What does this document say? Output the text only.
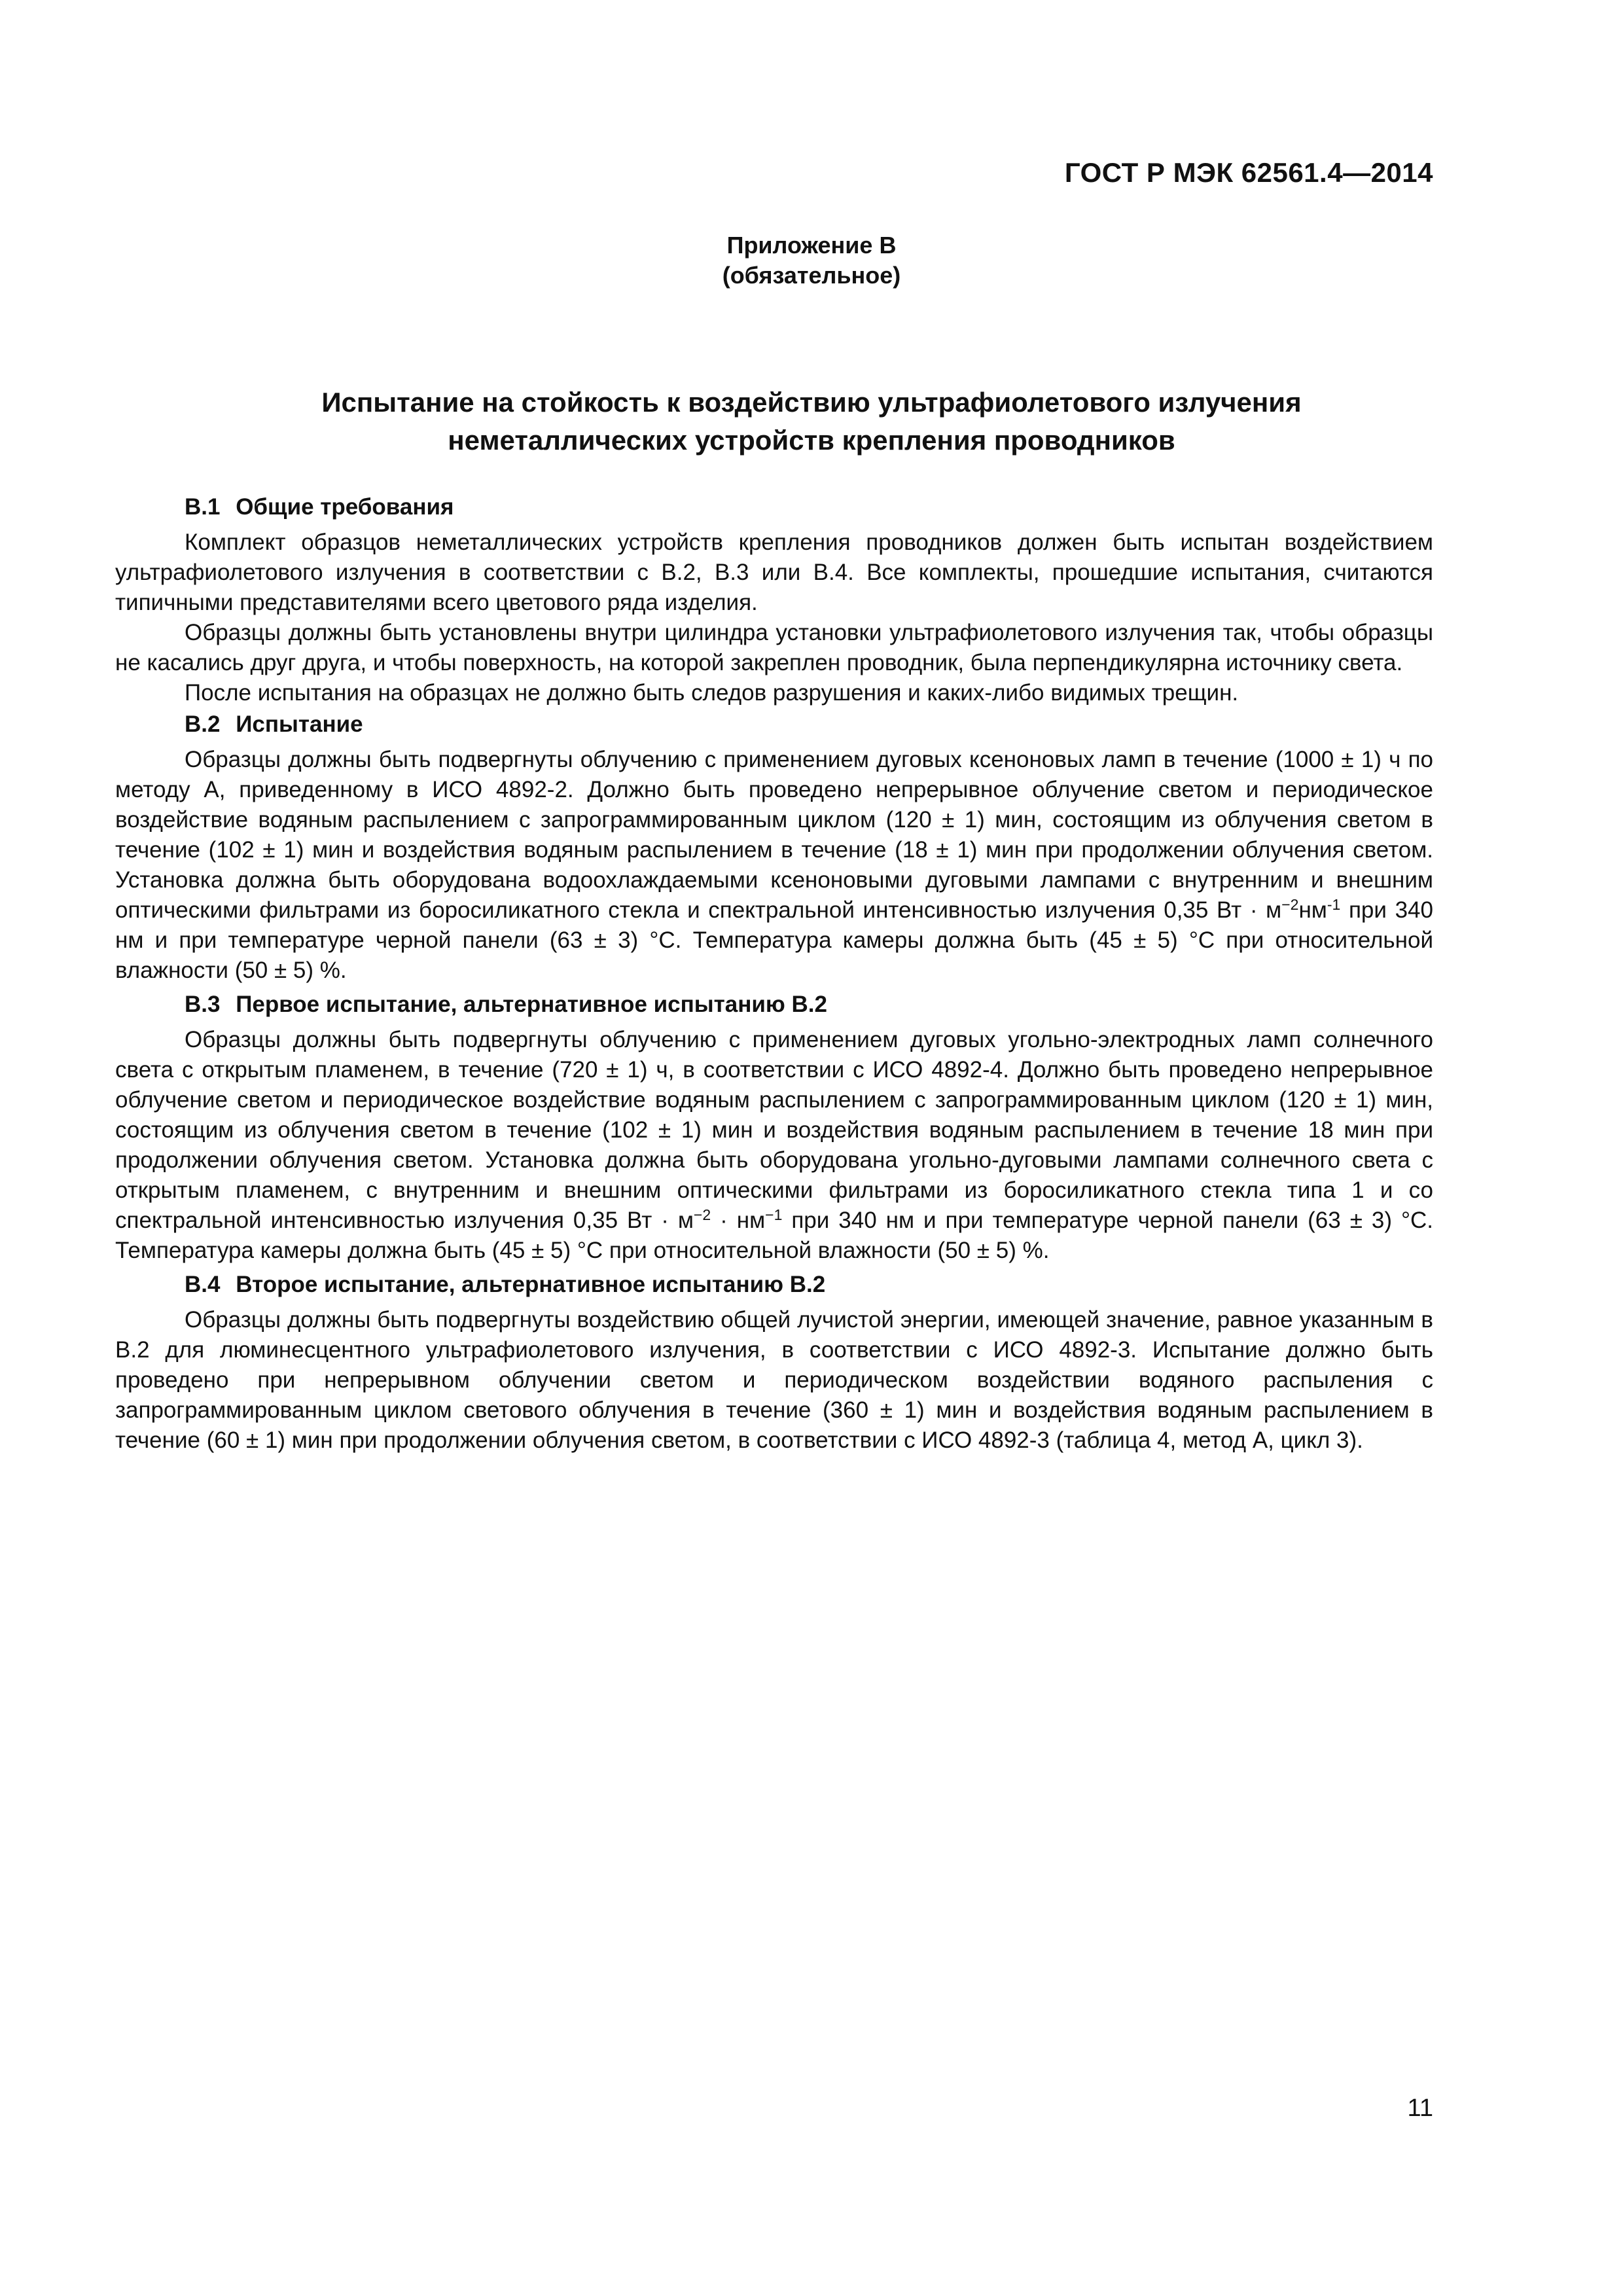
ГОСТ Р МЭК 62561.4—2014
Приложение В
(обязательное)
Испытание на стойкость к воздействию ультрафиолетового излучения
неметаллических устройств крепления проводников
В.1 Общие требования

Комплект образцов неметаллических устройств крепления проводников должен быть испытан воздействием ультрафиолетового излучения в соответствии с В.2, В.3 или В.4. Все комплекты, прошедшие испытания, считаются типичными представителями всего цветового ряда изделия.

Образцы должны быть установлены внутри цилиндра установки ультрафиолетового излучения так, чтобы образцы не касались друг друга, и чтобы поверхность, на которой закреплен проводник, была перпендикулярна источнику света.

После испытания на образцах не должно быть следов разрушения и каких-либо видимых трещин.

В.2 Испытание

Образцы должны быть подвергнуты облучению с применением дуговых ксеноновых ламп в течение (1000 ± 1) ч по методу А, приведенному в ИСО 4892-2. Должно быть проведено непрерывное облучение светом и периодическое воздействие водяным распылением с запрограммированным циклом (120 ± 1) мин, состоящим из облучения светом в течение (102 ± 1) мин и воздействия водяным распылением в течение (18 ± 1) мин при продолжении облучения светом. Установка должна быть оборудована водоохлаждаемыми ксеноновыми дуговыми лампами с внутренним и внешним оптическими фильтрами из боросиликатного стекла и спектральной интенсивностью излучения 0,35 Вт · $м^{-2}нм^{-1}$ при 340 нм и при температуре черной панели (63 ± 3) °С. Температура камеры должна быть (45 ± 5) °С при относительной влажности (50 ± 5) %.

В.3 Первое испытание, альтернативное испытанию В.2

Образцы должны быть подвергнуты облучению с применением дуговых угольно-электродных ламп солнечного света с открытым пламенем, в течение (720 ± 1) ч, в соответствии с ИСО 4892-4. Должно быть проведено непрерывное облучение светом и периодическое воздействие водяным распылением с запрограммированным циклом (120 ± 1) мин, состоящим из облучения светом в течение (102 ± 1) мин и воздействия водяным распылением в течение 18 мин при продолжении облучения светом. Установка должна быть оборудована угольно-дуговыми лампами солнечного света с открытым пламенем, с внутренним и внешним оптическими фильтрами из боросиликатного стекла типа 1 и со спектральной интенсивностью излучения 0,35 Вт · $м^{-2} \cdot нм^{-1}$ при 340 нм и при температуре черной панели (63 ± 3) °С. Температура камеры должна быть (45 ± 5) °С при относительной влажности (50 ± 5) %.

В.4 Второе испытание, альтернативное испытанию В.2

Образцы должны быть подвергнуты воздействию общей лучистой энергии, имеющей значение, равное указанным в В.2 для люминесцентного ультрафиолетового излучения, в соответствии с ИСО 4892-3. Испытание должно быть проведено при непрерывном облучении светом и периодическом воздействии водяного распыления с запрограммированным циклом светового облучения в течение (360 ± 1) мин и воздействия водяным распылением в течение (60 ± 1) мин при продолжении облучения светом, в соответствии с ИСО 4892-3 (таблица 4, метод А, цикл 3).

11
